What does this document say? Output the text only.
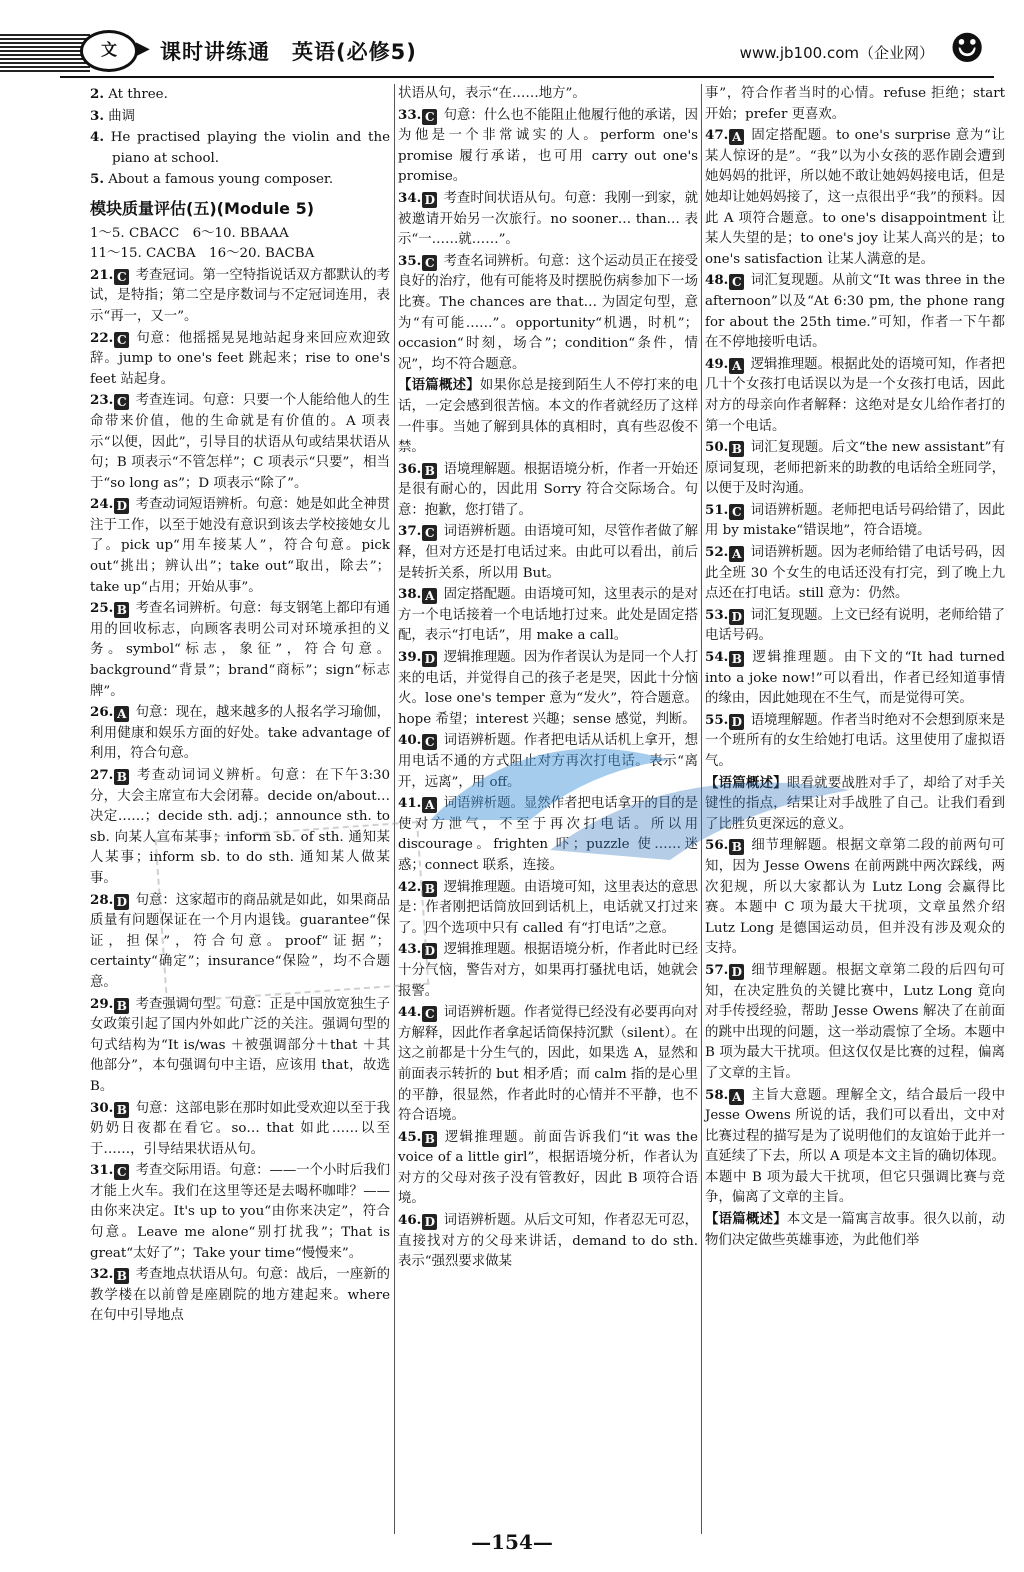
文	▶ 课时讲练通 英语(必修5)	www.jb100.com（企业网） ☻

2. At three.

3. 曲调

4. He practised playing the violin and the piano at school.

5. About a famous young composer.

模块质量评估(五)(Module 5)

1～5. CBACC　6～10. BBAAA

11～15. CACBA　16～20. BACBA

21. C 考查冠词。第一空特指说话双方都默认的考试，是特指；第二空是序数词与不定冠词连用，表示“再一，又一”。

22. C 句意：他摇摇晃晃地站起身来回应欢迎致辞。jump to one's feet 跳起来；rise to one's feet 站起身。

23. C 考查连词。句意：只要一个人能给他人的生命带来价值，他的生命就是有价值的。A 项表示“以便，因此”，引导目的状语从句或结果状语从句；B 项表示“不管怎样”；C 项表示“只要”，相当于“so long as”；D 项表示“除了”。

24. D 考查动词短语辨析。句意：她是如此全神贯注于工作，以至于她没有意识到该去学校接她女儿了。pick up“用车接某人”，符合句意。pick out“挑出；辨认出”；take out“取出，除去”；take up“占用；开始从事”。

25. B 考查名词辨析。句意：每支钢笔上都印有通用的回收标志，向顾客表明公司对环境承担的义务。symbol“标志，象征”，符合句意。background“背景”；brand“商标”；sign“标志牌”。

26. A 句意：现在，越来越多的人报名学习瑜伽，利用健康和娱乐方面的好处。take advantage of 利用，符合句意。

27. B 考查动词词义辨析。句意：在下午3:30分，大会主席宣布大会闭幕。decide on/about… 决定……；decide sth. adj.；announce sth. to sb. 向某人宣布某事；inform sb. of sth. 通知某人某事；inform sb. to do sth. 通知某人做某事。

28. D 句意：这家超市的商品就是如此，如果商品质量有问题保证在一个月内退钱。guarantee“保证，担保”，符合句意。proof“证据”；certainty“确定”；insurance“保险”，均不合题意。

29. B 考查强调句型。句意：正是中国放宽独生子女政策引起了国内外如此广泛的关注。强调句型的句式结构为“It is/was ＋被强调部分＋that ＋其他部分”，本句强调句中主语，应该用 that，故选 B。

30. B 句意：这部电影在那时如此受欢迎以至于我奶奶日夜都在看它。so… that 如此……以至于……，引导结果状语从句。

31. C 考查交际用语。句意：——一个小时后我们才能上火车。我们在这里等还是去喝杯咖啡？——由你来决定。It's up to you“由你来决定”，符合句意。Leave me alone“别打扰我”；That is great“太好了”；Take your time“慢慢来”。

32. B 考查地点状语从句。句意：战后，一座新的教学楼在以前曾是座剧院的地方建起来。where 在句中引导地点

状语从句，表示“在……地方”。

33. C 句意：什么也不能阻止他履行他的承诺，因为他是一个非常诚实的人。perform one's promise 履行承诺，也可用 carry out one's promise。

34. D 考查时间状语从句。句意：我刚一到家，就被邀请开始另一次旅行。no sooner… than… 表示“一……就……”。

35. C 考查名词辨析。句意：这个运动员正在接受良好的治疗，他有可能将及时摆脱伤病参加下一场比赛。The chances are that… 为固定句型，意为“有可能……”。opportunity“机遇，时机”；occasion“时刻，场合”；condition“条件，情况”，均不符合题意。

【语篇概述】如果你总是接到陌生人不停打来的电话，一定会感到很苦恼。本文的作者就经历了这样一件事。当她了解到具体的真相时，真有些忍俊不禁。

36. B 语境理解题。根据语境分析，作者一开始还是很有耐心的，因此用 Sorry 符合交际场合。句意：抱歉，您打错了。

37. C 词语辨析题。由语境可知，尽管作者做了解释，但对方还是打电话过来。由此可以看出，前后是转折关系，所以用 But。

38. A 固定搭配题。由语境可知，这里表示的是对方一个电话接着一个电话地打过来。此处是固定搭配，表示“打电话”，用 make a call。

39. D 逻辑推理题。因为作者误认为是同一个人打来的电话，并觉得自己的孩子老是哭，因此十分恼火。lose one's temper 意为“发火”，符合题意。hope 希望；interest 兴趣；sense 感觉，判断。

40. C 词语辨析题。作者把电话从话机上拿开，想用电话不通的方式阻止对方再次打电话。表示“离开，远离”，用 off。

41. A 词语辨析题。显然作者把电话拿开的目的是使对方泄气，不至于再次打电话。所以用 discourage。frighten 吓；puzzle 使……迷惑；connect 联系，连接。

42. B 逻辑推理题。由语境可知，这里表达的意思是：作者刚把话筒放回到话机上，电话就又打过来了。四个选项中只有 called 有“打电话”之意。

43. D 逻辑推理题。根据语境分析，作者此时已经十分气恼，警告对方，如果再打骚扰电话，她就会报警。

44. C 词语辨析题。作者觉得已经没有必要再向对方解释，因此作者拿起话筒保持沉默（silent）。在这之前都是十分生气的，因此，如果选 A，显然和前面表示转折的 but 相矛盾；而 calm 指的是心里的平静，很显然，作者此时的心情并不平静，也不符合语境。

45. B 逻辑推理题。前面告诉我们“it was the voice of a little girl”，根据语境分析，作者认为对方的父母对孩子没有管教好，因此 B 项符合语境。

46. D 词语辨析题。从后文可知，作者忍无可忍，直接找对方的父母来讲话，demand to do sth. 表示“强烈要求做某

事”，符合作者当时的心情。refuse 拒绝；start 开始；prefer 更喜欢。

47. A 固定搭配题。to one's surprise 意为“让某人惊讶的是”。“我”以为小女孩的恶作剧会遭到她妈妈的批评，所以她不敢让她妈妈接电话，但是她却让她妈妈接了，这一点很出乎“我”的预料。因此 A 项符合题意。to one's disappointment 让某人失望的是；to one's joy 让某人高兴的是；to one's satisfaction 让某人满意的是。

48. C 词汇复现题。从前文“It was three in the afternoon”以及“At 6:30 pm, the phone rang for about the 25th time.”可知，作者一下午都在不停地接听电话。

49. A 逻辑推理题。根据此处的语境可知，作者把几十个女孩打电话误以为是一个女孩打电话，因此对方的母亲向作者解释：这绝对是女儿给作者打的第一个电话。

50. B 词汇复现题。后文“the new assistant”有原词复现，老师把新来的助教的电话给全班同学，以便于及时沟通。

51. C 词语辨析题。老师把电话号码给错了，因此用 by mistake“错误地”，符合语境。

52. A 词语辨析题。因为老师给错了电话号码，因此全班 30 个女生的电话还没有打完，到了晚上九点还在打电话。still 意为：仍然。

53. D 词汇复现题。上文已经有说明，老师给错了电话号码。

54. B 逻辑推理题。由下文的“It had turned into a joke now!”可以看出，作者已经知道事情的缘由，因此她现在不生气，而是觉得可笑。

55. D 语境理解题。作者当时绝对不会想到原来是一个班所有的女生给她打电话。这里使用了虚拟语气。

【语篇概述】眼看就要战胜对手了，却给了对手关键性的指点，结果让对手战胜了自己。让我们看到了比胜负更深远的意义。

56. B 细节理解题。根据文章第二段的前两句可知，因为 Jesse Owens 在前两跳中两次踩线，两次犯规，所以大家都认为 Lutz Long 会赢得比赛。本题中 C 项为最大干扰项，文章虽然介绍 Lutz Long 是德国运动员，但并没有涉及观众的支持。

57. D 细节理解题。根据文章第二段的后四句可知，在决定胜负的关键比赛中，Lutz Long 竟向对手传授经验，帮助 Jesse Owens 解决了在前面的跳中出现的问题，这一举动震惊了全场。本题中 B 项为最大干扰项。但这仅仅是比赛的过程，偏离了文章的主旨。

58. A 主旨大意题。理解全文，结合最后一段中 Jesse Owens 所说的话，我们可以看出，文中对比赛过程的描写是为了说明他们的友谊始于此并一直延续了下去，所以 A 项是本文主旨的确切体现。本题中 B 项为最大干扰项，但它只强调比赛与竞争，偏离了文章的主旨。

【语篇概述】本文是一篇寓言故事。很久以前，动物们决定做些英雄事迹，为此他们举

—154—
